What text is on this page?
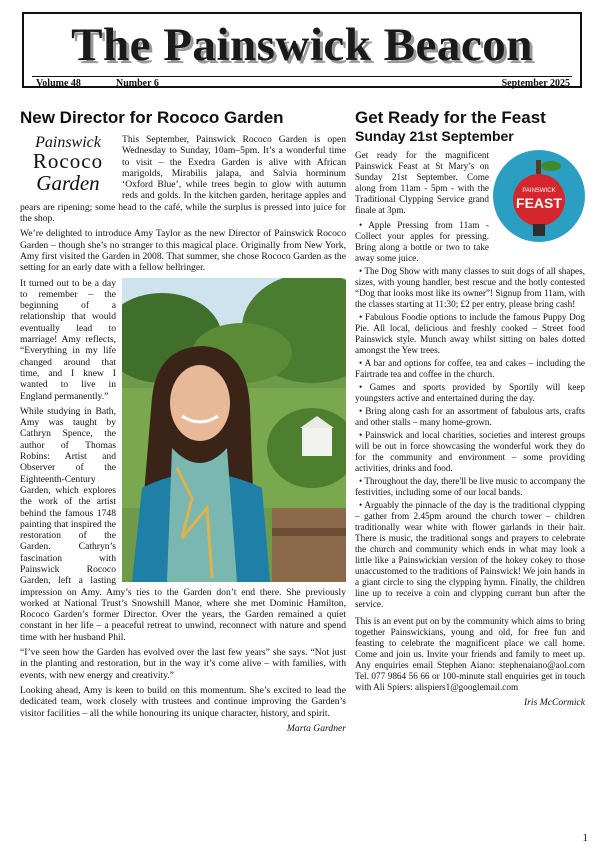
The Painswick Beacon
Volume 48	Number 6	September 2025
New Director for Rococo Garden
Painswick
Rococo
Garden

This September, Painswick Rococo Garden is open Wednesday to Sunday, 10am–5pm. It’s a wonderful time to visit – the Exedra Garden is alive with African marigolds, Mirabilis jalapa, and Salvia horminum ‘Oxford Blue’, while trees begin to glow with autumn reds and golds. In the kitchen garden, heritage apples and pears are ripening; some head to the café, while the surplus is pressed into juice for the shop.

We’re delighted to introduce Amy Taylor as the new Director of Painswick Rococo Garden – though she’s no stranger to this magical place. Originally from New York, Amy first visited the Garden in 2008. That summer, she chose Rococo Garden as the setting for an early date with a fellow bellringer.

It turned out to be a day to remember – the beginning of a relationship that would eventually lead to marriage! Amy reflects, “Everything in my life changed around that time, and I knew I wanted to live in England permanently.”

While studying in Bath, Amy was taught by Cathryn Spence, the author of Thomas Robins: Artist and Observer of the Eighteenth-Century Garden, which explores the work of the artist behind the famous 1748 painting that inspired the restoration of the Garden. Cathryn’s fascination with Painswick Rococo Garden, left a lasting impression on Amy. Amy’s ties to the Garden don’t end there. She previously worked at National Trust’s Snowshill Manor, where she met Dominic Hamilton, Rococo Garden’s former Director. Over the years, the Garden remained a quiet constant in her life – a peaceful retreat to unwind, reconnect with nature and spend time with her husband Phil.

“I’ve seen how the Garden has evolved over the last few years” she says. “Not just in the planting and restoration, but in the way it’s come alive – with families, with events, with new energy and creativity.”

Looking ahead, Amy is keen to build on this momentum. She’s excited to lead the dedicated team, work closely with trustees and continue improving the Garden’s visitor facilities – all the while honouring its unique character, history, and spirit.

Marta Gardner
Get Ready for the Feast
Sunday 21st September
PAINSWICK
FEAST

Get ready for the magnificent Painswick Feast at St Mary’s on Sunday 21st September. Come along from 11am - 5pm - with the Traditional Clypping Service grand finale at 3pm.

• Apple Pressing from 11am - Collect your apples for pressing. Bring along a bottle or two to take away some juice.
• The Dog Show with many classes to suit dogs of all shapes, sizes, with young handler, best rescue and the hotly contested “Dog that looks most like its owner”! Signup from 11am, with the classes starting at 11:30; £2 per entry, please bring cash!
• Fabulous Foodie options to include the famous Puppy Dog Pie. All local, delicious and freshly cooked – Street food Painswick style. Munch away whilst sitting on bales dotted amongst the Yew trees.
• A bar and options for coffee, tea and cakes – including the Fairtrade tea and coffee in the church.
• Games and sports provided by Sportily will keep youngsters active and entertained during the day.
• Bring along cash for an assortment of fabulous arts, crafts and other stalls – many home-grown.
• Painswick and local charities, societies and interest groups will be out in force showcasing the wonderful work they do for the community and environment – some providing activities, drinks and food.
• Throughout the day, there'll be live music to accompany the festivities, including some of our local bands.
• Arguably the pinnacle of the day is the traditional clypping – gather from 2.45pm around the church tower – children traditionally wear white with flower garlands in their hair. There is music, the traditional songs and prayers to celebrate the church and community which ends in what may look a little like a Painswickian version of the hokey cokey to those unaccustomed to the traditions of Painswick! We join hands in a giant circle to sing the clypping hymn. Finally, the children line up to receive a coin and clypping currant bun after the service.

This is an event put on by the community which aims to bring together Painswickians, young and old, for free fun and feasting to celebrate the magnificent place we call home. Come and join us. Invite your friends and family to meet up. Any enquiries email Stephen Aiano: stephenaiano@aol.com Tel. 077 9864 56 66 or 100-minute stall enquiries get in touch with Ali Spiers: alispiers1@googlemail.com

Iris McCormick
1
